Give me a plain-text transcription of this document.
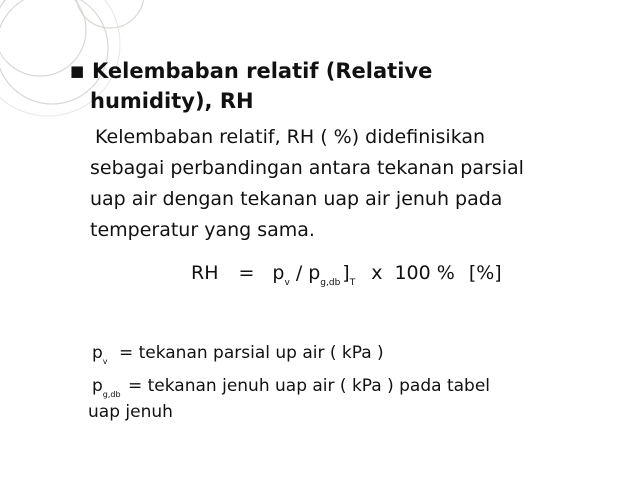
■ Kelembaban relatif (Relative
humidity), RH
Kelembaban relatif, RH ( %) didefinisikan
sebagai perbandingan antara tekanan parsial
uap air dengan tekanan uap air jenuh pada
temperatur yang sama.
RH = $p_v / p_{g,db}$ ]$_T$ x 100 % [%]
$p_v$ = tekanan parsial up air ( kPa )
$p_{g,db}$ = tekanan jenuh uap air ( kPa ) pada tabel
uap jenuh
